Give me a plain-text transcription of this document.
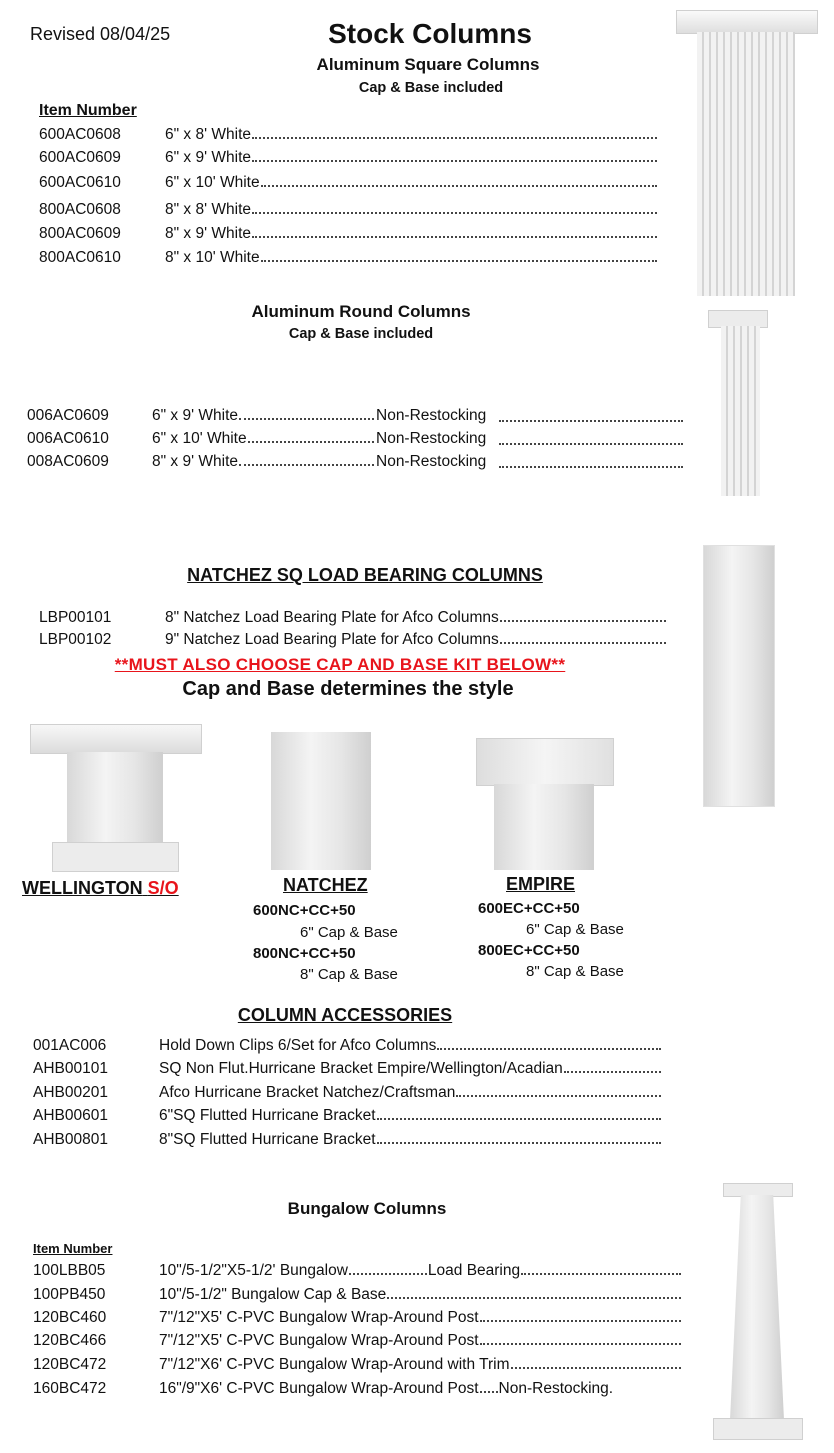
Revised 08/04/25	Stock Columns
Aluminum Square Columns
Cap & Base included
Item Number
Aluminum Round Columns
Cap & Base included
NATCHEZ SQ LOAD BEARING COLUMNS
**MUST ALSO CHOOSE CAP AND BASE KIT BELOW**
Cap and Base determines the style
WELLINGTON S/O	NATCHEZ
600NC+CC+50
6" Cap & Base
800NC+CC+50
8" Cap & Base
EMPIRE
600EC+CC+50
6" Cap & Base
800EC+CC+50
8" Cap & Base
COLUMN ACCESSORIES
Bungalow Columns
Item Number
600AC0608	6" x 8' White
600AC0609	6" x 9' White
600AC0610	6" x 10' White
800AC0608	8" x 8' White
800AC0609	8" x 9' White
800AC0610	8" x 10' White
006AC0609	6" x 9' White	Non-Restocking
006AC0610	6" x 10' White	Non-Restocking
008AC0609	8" x 9' White	Non-Restocking
LBP00101	8" Natchez Load Bearing Plate for Afco Columns
LBP00102	9" Natchez Load Bearing Plate for Afco Columns
001AC006	Hold Down Clips 6/Set for Afco Columns
AHB00101	SQ Non Flut.Hurricane Bracket Empire/Wellington/Acadian
AHB00201	Afco Hurricane Bracket Natchez/Craftsman
AHB00601	6"SQ Flutted Hurricane Bracket
AHB00801	8"SQ Flutted Hurricane Bracket
100LBB05	10"/5-1/2"X5-1/2' Bungalow	Load Bearing
100PB450	10"/5-1/2" Bungalow Cap & Base
120BC460	7"/12"X5' C-PVC Bungalow Wrap-Around Post
120BC466	7"/12"X5' C-PVC Bungalow Wrap-Around Post
120BC472	7"/12"X6' C-PVC Bungalow Wrap-Around with Trim
160BC472	16"/9"X6' C-PVC Bungalow Wrap-Around Post Non-Restocking.
